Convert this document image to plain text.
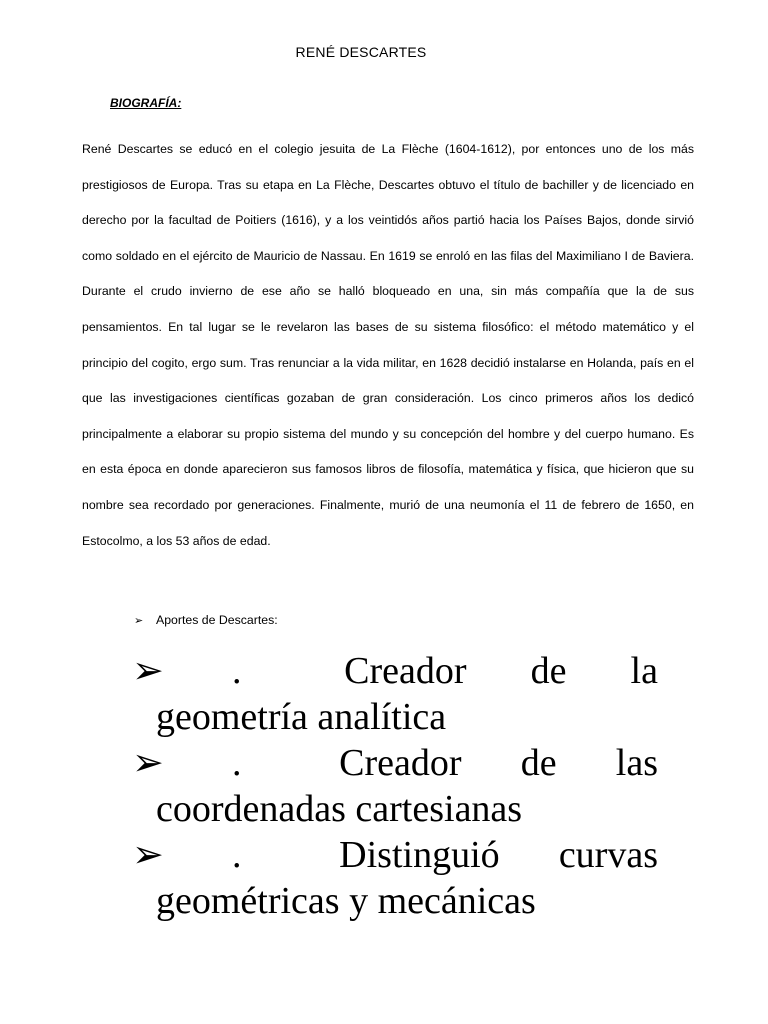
RENÉ DESCARTES
BIOGRAFÍA:

René Descartes se educó en el colegio jesuita de La Flèche (1604-1612), por entonces uno de los más prestigiosos de Europa. Tras su etapa en La Flèche, Descartes obtuvo el título de bachiller y de licenciado en derecho por la facultad de Poitiers (1616), y a los veintidós años partió hacia los Países Bajos, donde sirvió como soldado en el ejército de Mauricio de Nassau. En 1619 se enroló en las filas del Maximiliano I de Baviera. Durante el crudo invierno de ese año se halló bloqueado en una, sin más compañía que la de sus pensamientos. En tal lugar se le revelaron las bases de su sistema filosófico: el método matemático y el principio del cogito, ergo sum. Tras renunciar a la vida militar, en 1628 decidió instalarse en Holanda, país en el que las investigaciones científicas gozaban de gran consideración. Los cinco primeros años los dedicó principalmente a elaborar su propio sistema del mundo y su concepción del hombre y del cuerpo humano. Es en esta época en donde aparecieron sus famosos libros de filosofía, matemática y física, que hicieron que su nombre sea recordado por generaciones. Finalmente, murió de una neumonía el 11 de febrero de 1650, en Estocolmo, a los 53 años de edad.

➢	Aportes de Descartes:
➢ .	Creador de la
geometría analítica
➢ .	Creador de las
coordenadas cartesianas
➢ .	Distinguió curvas
geométricas y mecánicas
